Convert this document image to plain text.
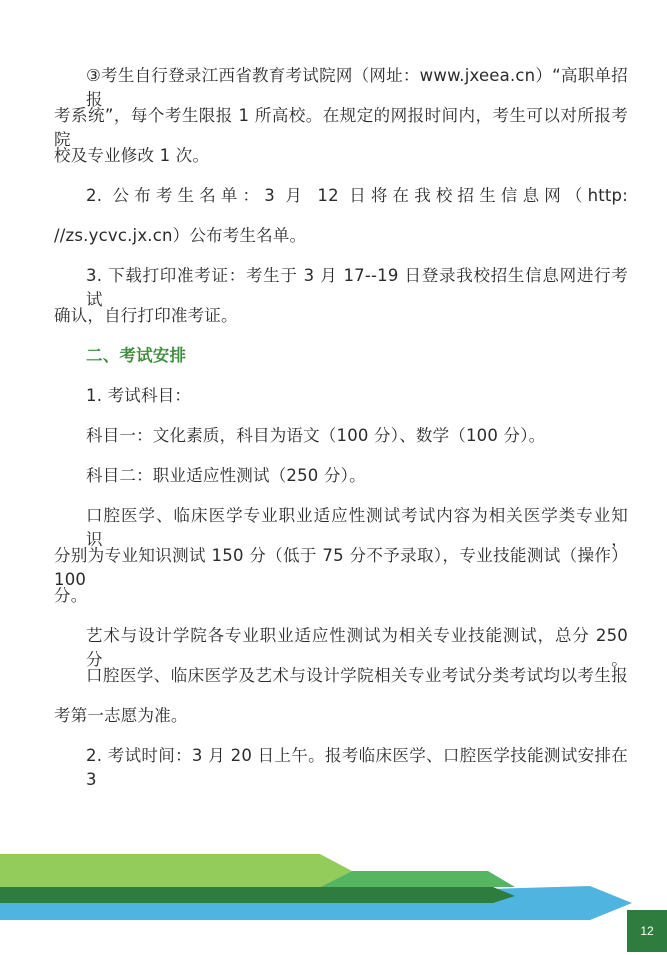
③考生自行登录江西省教育考试院网（网址：www.jxeea.cn）“高职单招报
考系统”，每个考生限报 1 所高校。在规定的网报时间内，考生可以对所报考院
校及专业修改 1 次。
2. 公布考生名单：3 月 12 日将在我校招生信息网（http:
//zs.ycvc.jx.cn）公布考生名单。
3. 下载打印准考证：考生于 3 月 17--19 日登录我校招生信息网进行考试
确认，自行打印准考证。
二、考试安排
1. 考试科目：
科目一：文化素质，科目为语文（100 分）、数学（100 分）。
科目二：职业适应性测试（250 分）。
口腔医学、临床医学专业职业适应性测试考试内容为相关医学类专业知识，
分别为专业知识测试 150 分（低于 75 分不予录取），专业技能测试（操作）100
分。
艺术与设计学院各专业职业适应性测试为相关专业技能测试，总分 250 分。
口腔医学、临床医学及艺术与设计学院相关专业考试分类考试均以考生报
考第一志愿为准。
2. 考试时间：3 月 20 日上午。报考临床医学、口腔医学技能测试安排在 3
12
